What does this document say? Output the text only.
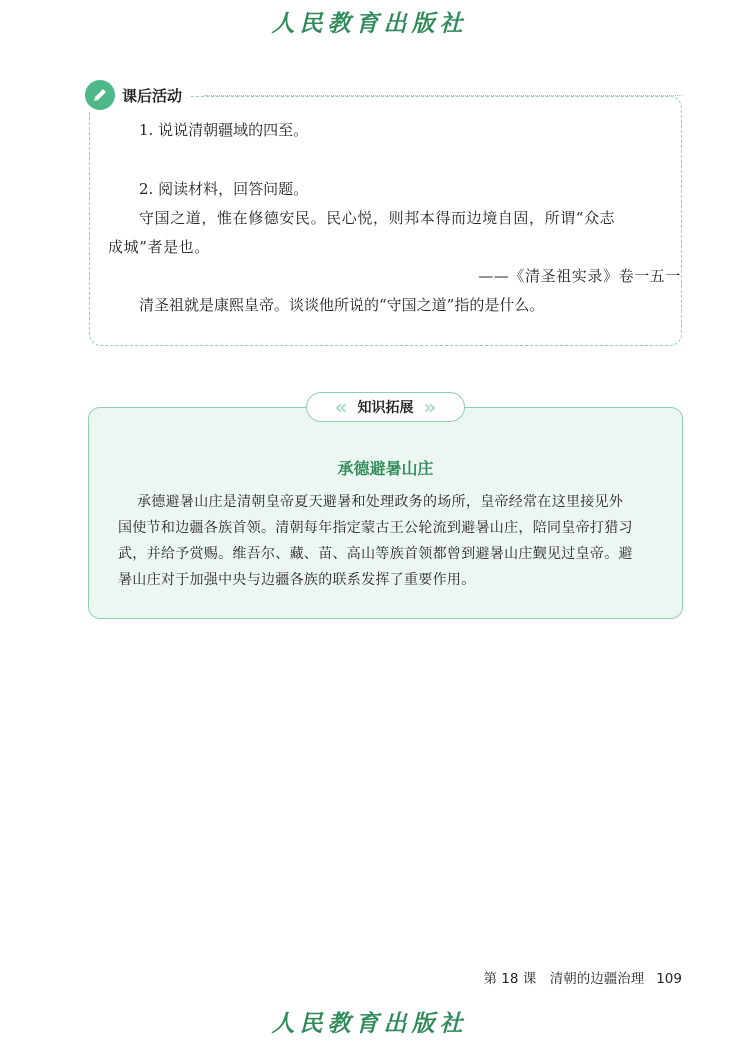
人民教育出版社
课后活动
1. 说说清朝疆域的四至。
2. 阅读材料，回答问题。
守国之道，惟在修德安民。民心悦，则邦本得而边境自固，所谓“众志
成城”者是也。
——《清圣祖实录》卷一五一
清圣祖就是康熙皇帝。谈谈他所说的“守国之道”指的是什么。
« 知识拓展 »
承德避暑山庄
承德避暑山庄是清朝皇帝夏天避暑和处理政务的场所，皇帝经常在这里接见外
国使节和边疆各族首领。清朝每年指定蒙古王公轮流到避暑山庄，陪同皇帝打猎习
武，并给予赏赐。维吾尔、藏、苗、高山等族首领都曾到避暑山庄觐见过皇帝。避
暑山庄对于加强中央与边疆各族的联系发挥了重要作用。
第 18 课　清朝的边疆治理 109
人民教育出版社
